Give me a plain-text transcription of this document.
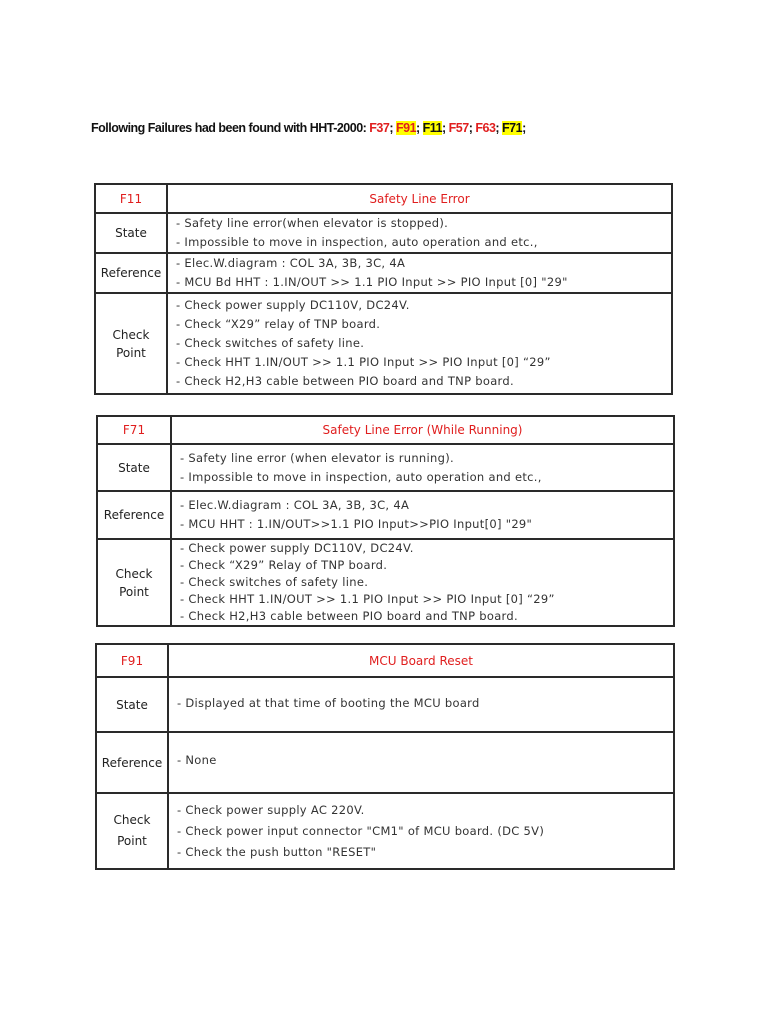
Following Failures had been found with HHT-2000: F37; F91; F11; F57; F63; F71;
F11	Safety Line Error
State	- Safety line error(when elevator is stopped).
- Impossible to move in inspection, auto operation and etc.,

Reference	- Elec.W.diagram : COL 3A, 3B, 3C, 4A
- MCU Bd HHT : 1.IN/OUT >> 1.1 PIO Input >> PIO Input [0] "29"

Check Point	- Check power supply DC110V, DC24V.
- Check “X29” relay of TNP board.
- Check switches of safety line.
- Check HHT 1.IN/OUT >> 1.1 PIO Input >> PIO Input [0] “29”
- Check H2,H3 cable between PIO board and TNP board.
F71	Safety Line Error (While Running)
State	- Safety line error (when elevator is running).
- Impossible to move in inspection, auto operation and etc.,

Reference	- Elec.W.diagram : COL 3A, 3B, 3C, 4A
- MCU HHT : 1.IN/OUT>>1.1 PIO Input>>PIO Input[0] "29"

Check Point	- Check power supply DC110V, DC24V.
- Check “X29” Relay of TNP board.
- Check switches of safety line.
- Check HHT 1.IN/OUT >> 1.1 PIO Input >> PIO Input [0] “29”
- Check H2,H3 cable between PIO board and TNP board.
F91	MCU Board Reset
State	- Displayed at that time of booting the MCU board

Reference	- None

Check Point	- Check power supply AC 220V.
- Check power input connector "CM1" of MCU board. (DC 5V)
- Check the push button "RESET"
